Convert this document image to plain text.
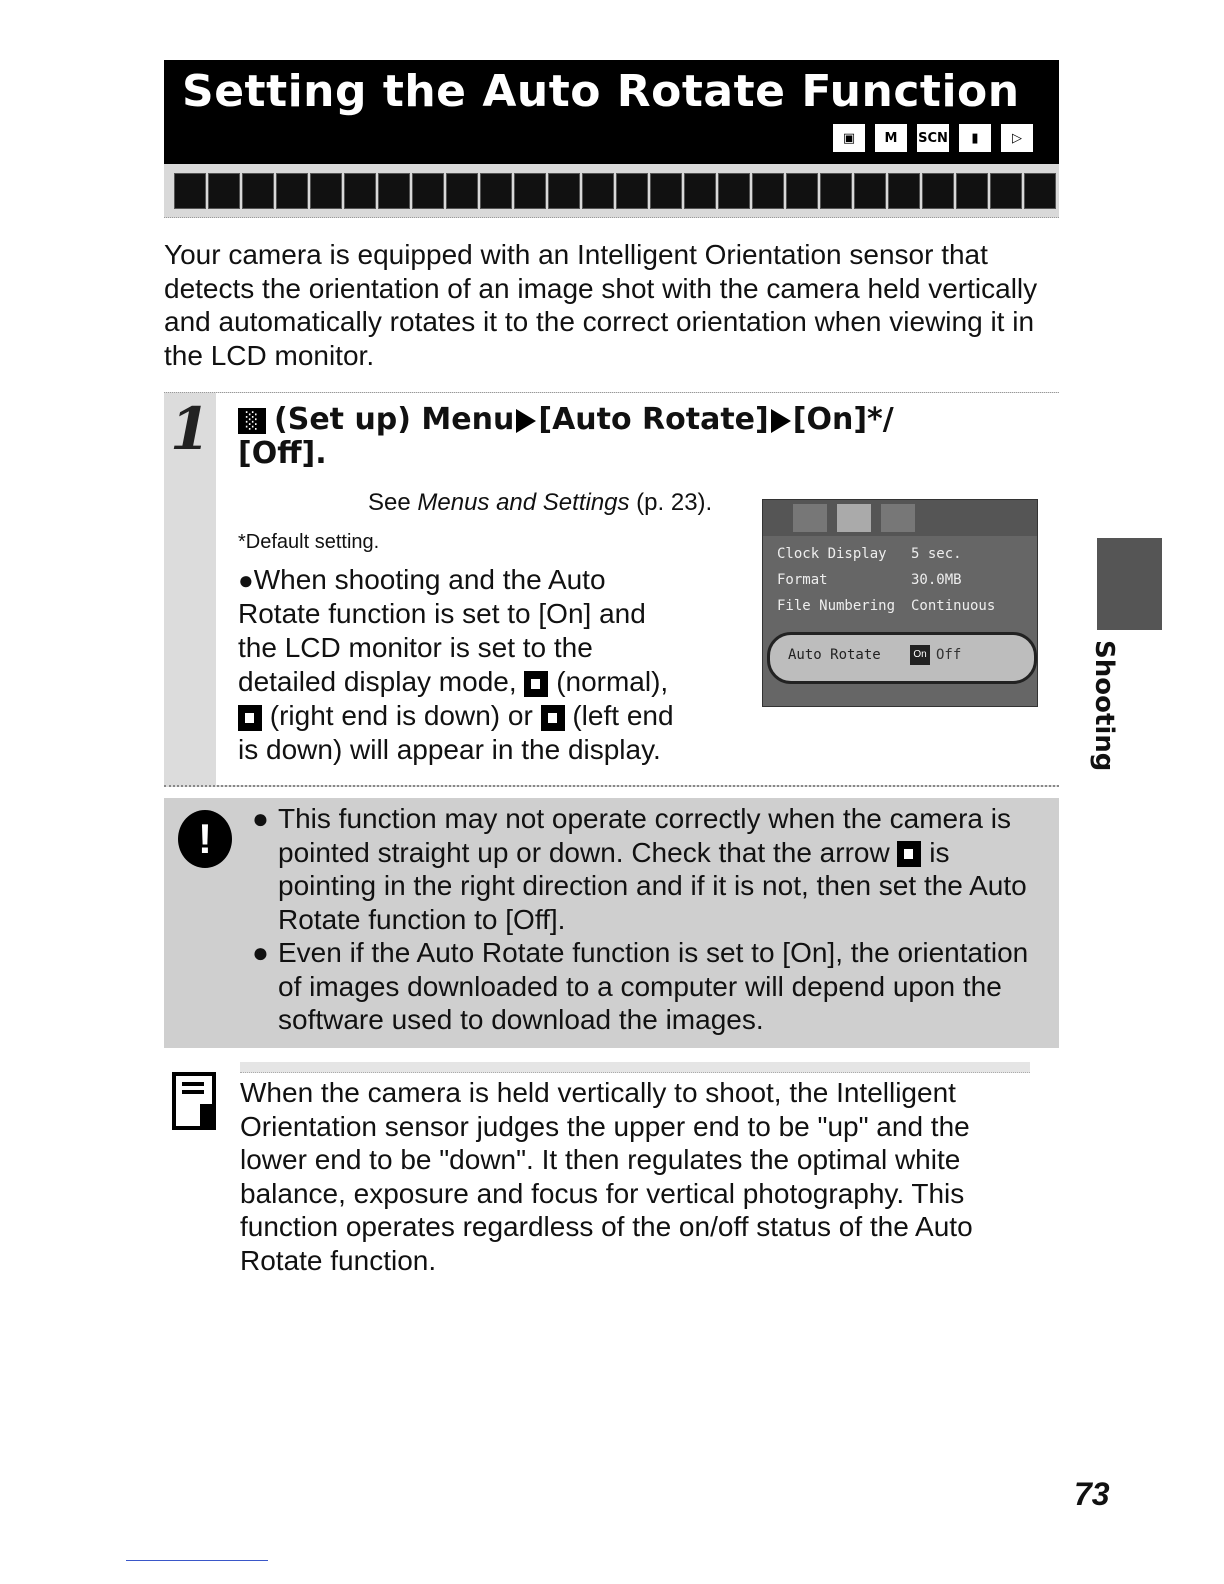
Setting the Auto Rotate Function
▣	M	SCN	▮	▷
Your camera is equipped with an Intelligent Orientation sensor that detects the orientation of an image shot with the camera held vertically and automatically rotates it to the correct orientation when viewing it in the LCD monitor.
1	░ (Set up) Menu [Auto Rotate] [On]*/
[Off].
See Menus and Settings (p. 23).
*Default setting.
●When shooting and the Auto Rotate function is set to [On] and the LCD monitor is set to the detailed display mode, (normal),  (right end is down) or (left end is down) will appear in the display.
Clock Display 5 sec.
Format	30.0MB
File Numbering Continuous
Auto Rotate	On Off
!	● This function may not operate correctly when the camera is pointed straight up or down. Check that the arrow is pointing in the right direction and if it is not, then set the Auto Rotate function to [Off].

● Even if the Auto Rotate function is set to [On], the orientation of images downloaded to a computer will depend upon the software used to download the images.

When the camera is held vertically to shoot, the Intelligent Orientation sensor judges the upper end to be "up" and the lower end to be "down". It then regulates the optimal white balance, exposure and focus for vertical photography. This function operates regardless of the on/off status of the Auto Rotate function.
Shooting
73
